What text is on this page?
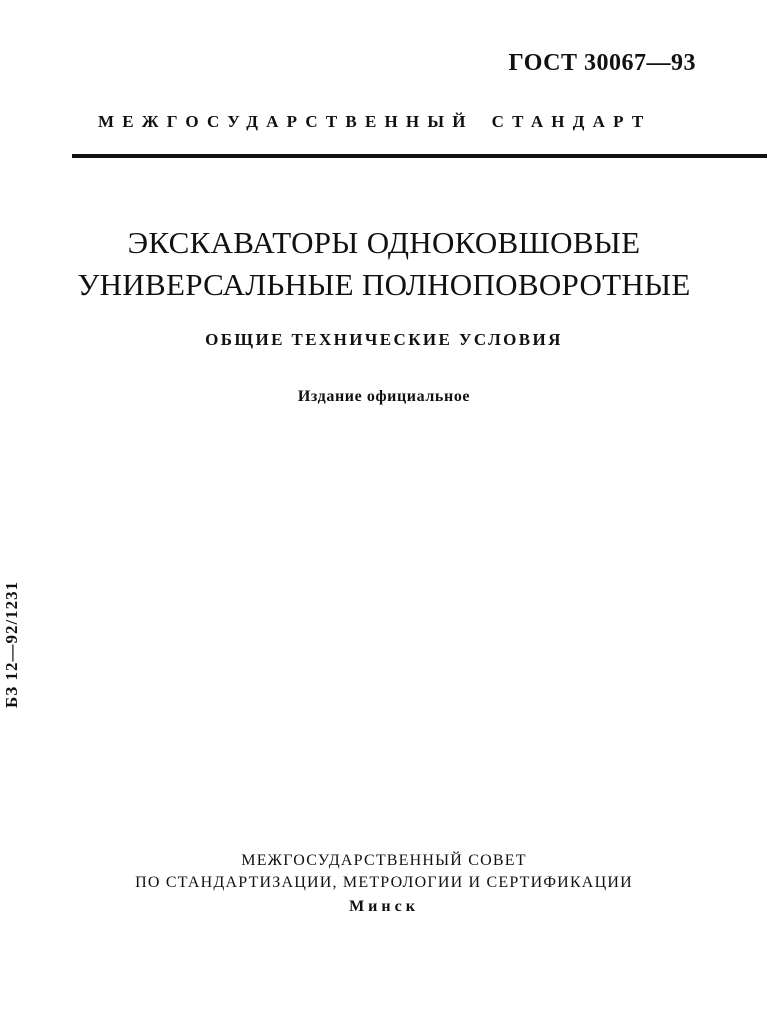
ГОСТ 30067—93
МЕЖГОСУДАРСТВЕННЫЙ СТАНДАРТ
ЭКСКАВАТОРЫ ОДНОКОВШОВЫЕ
УНИВЕРСАЛЬНЫЕ ПОЛНОПОВОРОТНЫЕ
ОБЩИЕ ТЕХНИЧЕСКИЕ УСЛОВИЯ
Издание официальное
БЗ 12—92/1231
МЕЖГОСУДАРСТВЕННЫЙ СОВЕТ
ПО СТАНДАРТИЗАЦИИ, МЕТРОЛОГИИ И СЕРТИФИКАЦИИ
Минск
